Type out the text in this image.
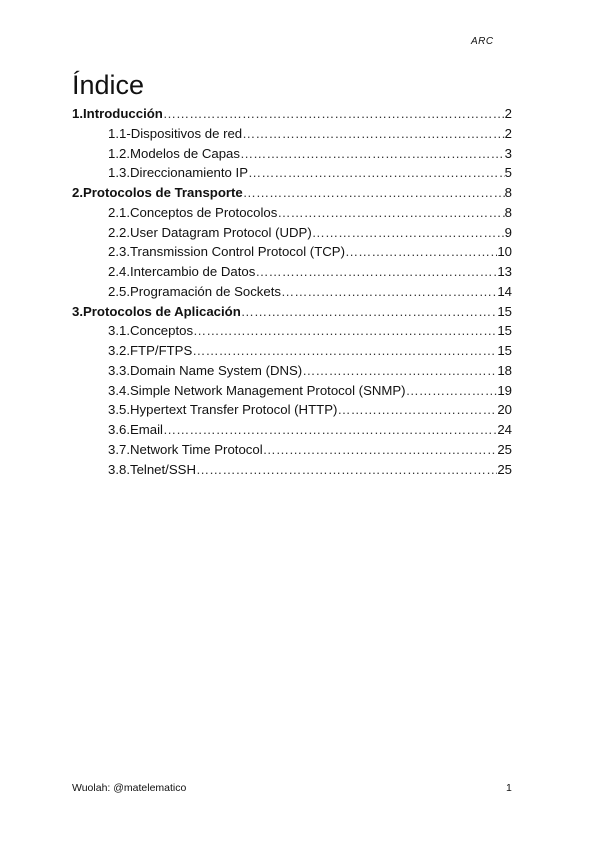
ARC
Índice
1.Introducción …………………………………………………………………………………………………………………………………………………………	2
1.1-Dispositivos de red …………………………………………………………………………………………………………………………………………………………	2
1.2.Modelos de Capas …………………………………………………………………………………………………………………………………………………………	3
1.3.Direccionamiento IP …………………………………………………………………………………………………………………………………………………………	5
2.Protocolos de Transporte …………………………………………………………………………………………………………………………………………………………	8
2.1.Conceptos de Protocolos …………………………………………………………………………………………………………………………………………………………	8
2.2.User Datagram Protocol (UDP) …………………………………………………………………………………………………………………………………………………………	9
2.3.Transmission Control Protocol (TCP) …………………………………………………………………………………………………………………………………………………………	10
2.4.Intercambio de Datos …………………………………………………………………………………………………………………………………………………………	13
2.5.Programación de Sockets …………………………………………………………………………………………………………………………………………………………	14
3.Protocolos de Aplicación …………………………………………………………………………………………………………………………………………………………	15
3.1.Conceptos …………………………………………………………………………………………………………………………………………………………	15
3.2.FTP/FTPS …………………………………………………………………………………………………………………………………………………………	15
3.3.Domain Name System (DNS) …………………………………………………………………………………………………………………………………………………………	18
3.4.Simple Network Management Protocol (SNMP) …………………………………………………………………………………………………………………………………………………………	19
3.5.Hypertext Transfer Protocol (HTTP) …………………………………………………………………………………………………………………………………………………………	20
3.6.Email …………………………………………………………………………………………………………………………………………………………	24
3.7.Network Time Protocol …………………………………………………………………………………………………………………………………………………………	25
3.8.Telnet/SSH …………………………………………………………………………………………………………………………………………………………	25
Wuolah: @matelematico	1
